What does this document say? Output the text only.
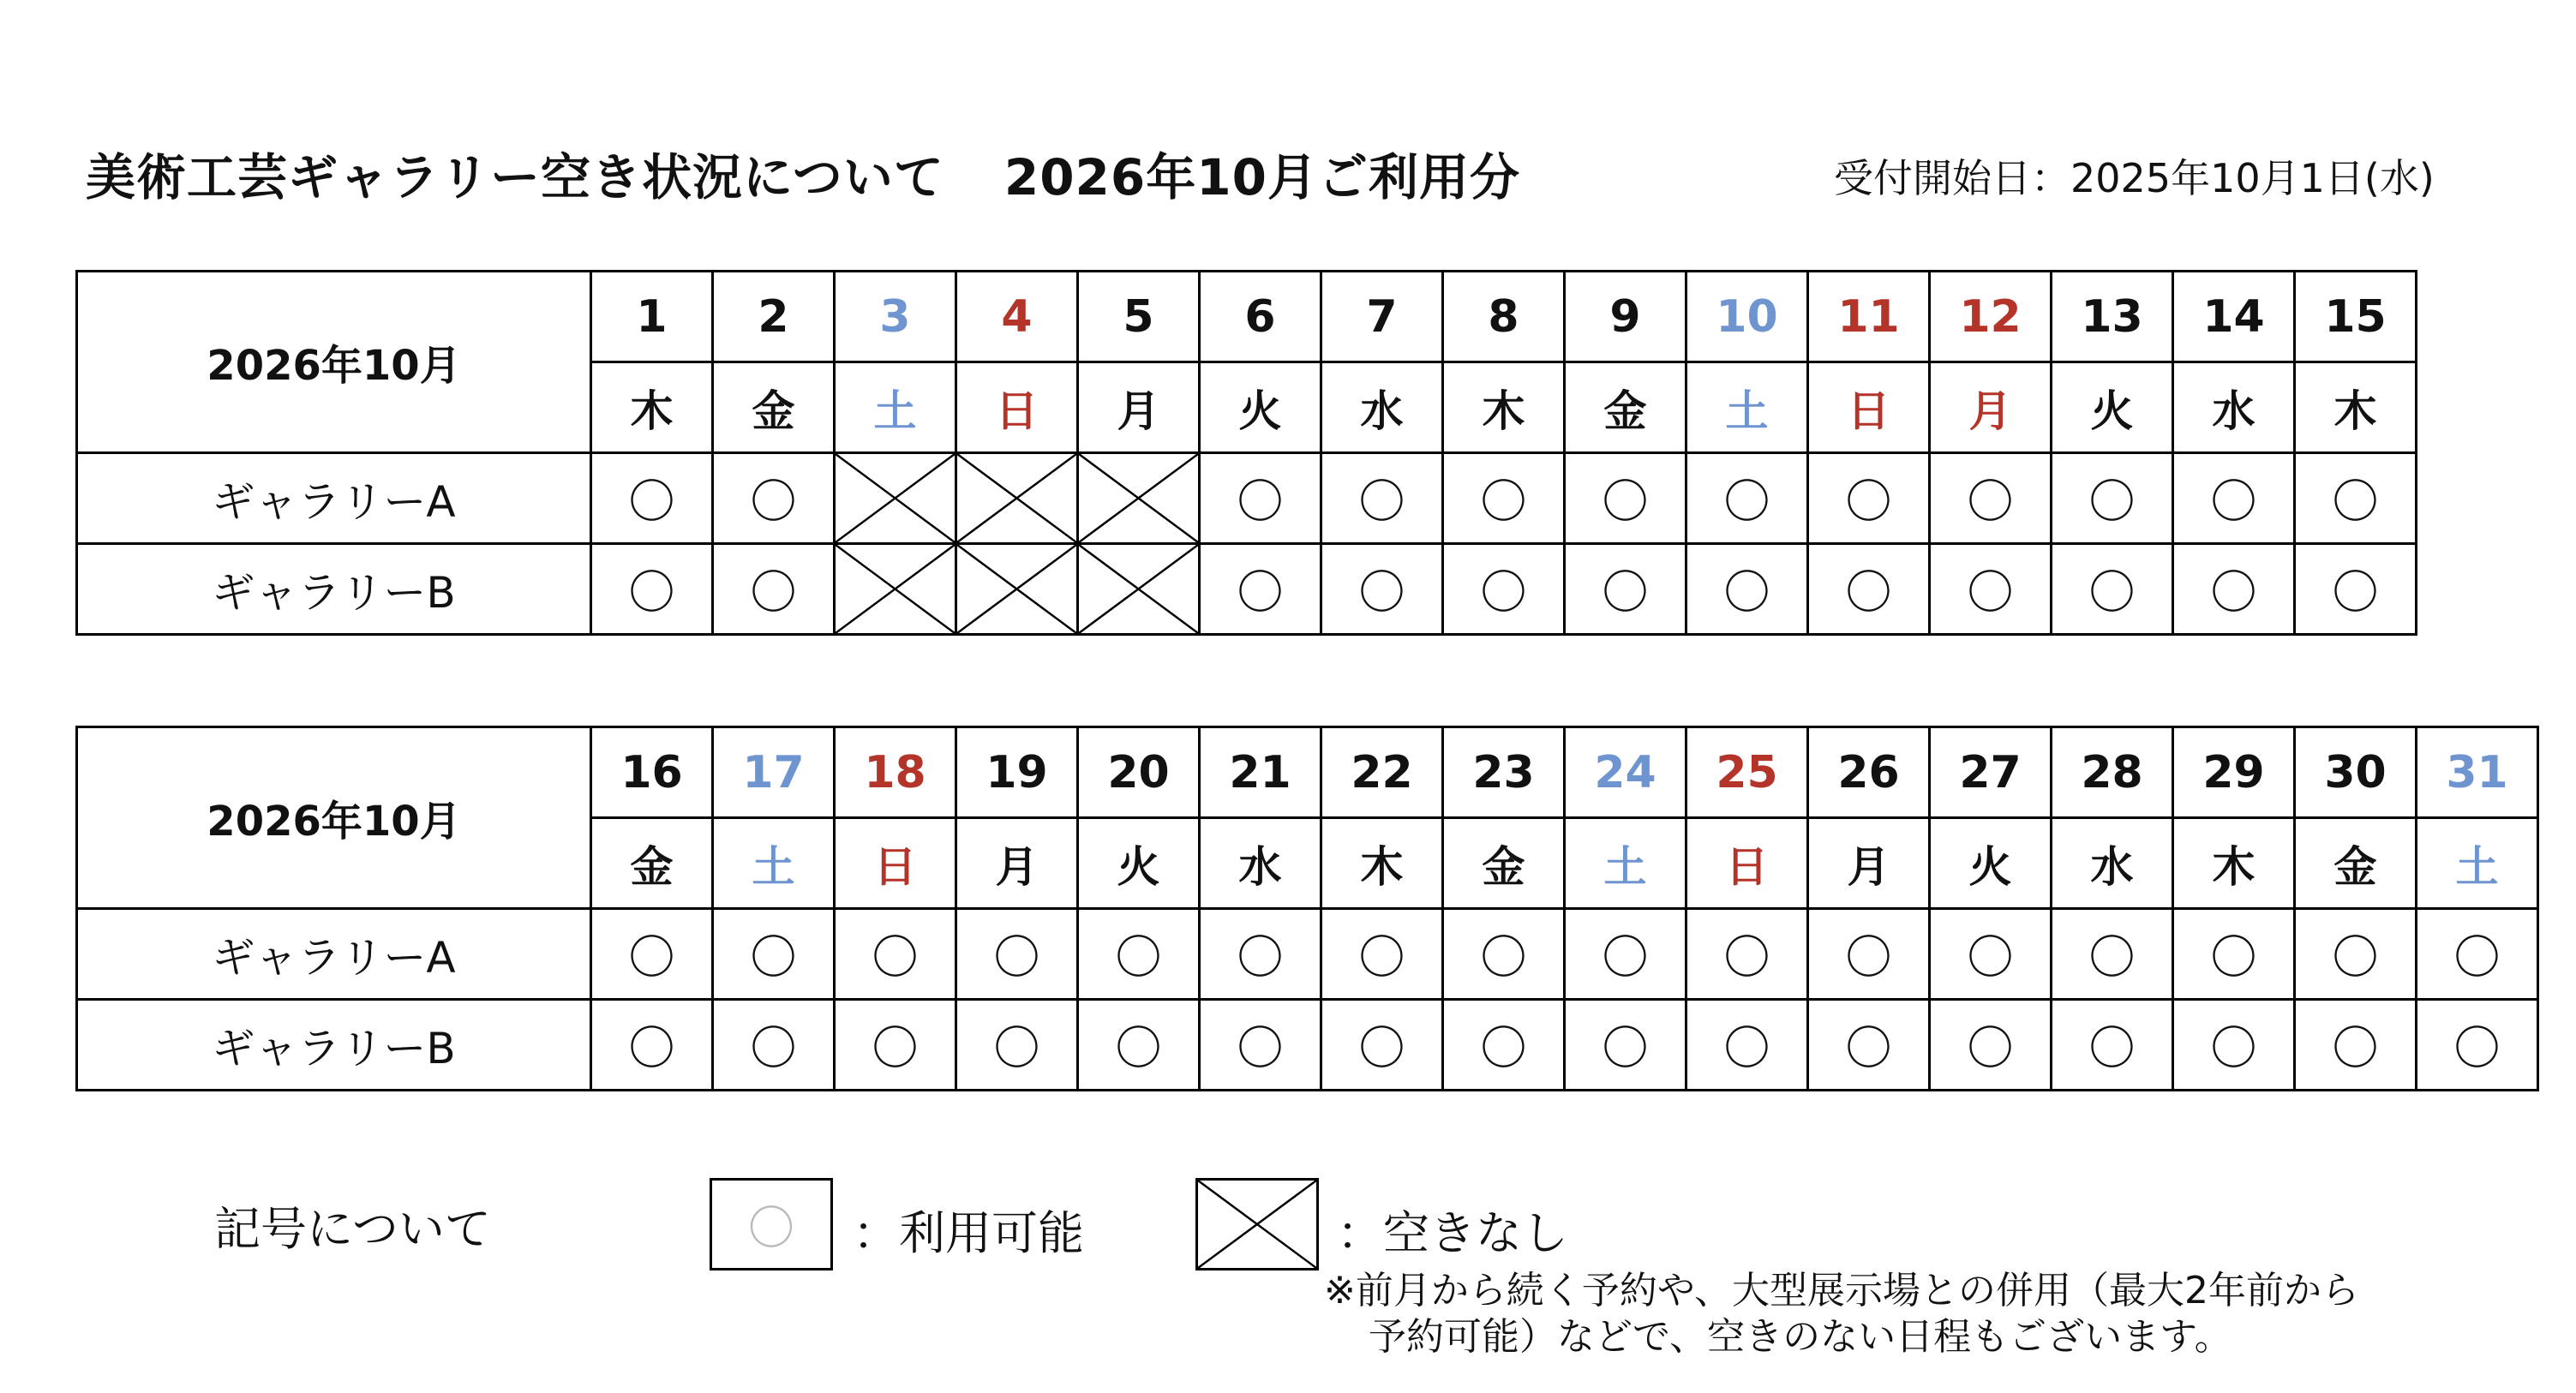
美術工芸ギャラリー空き状況について 2026年10月ご利用分	受付開始日：2025年10月1日(水)
2026年10月	1	2	3	4	5	6	7	8	9	10	11	12	13	14	15
	木	金	土	日	月	火	水	木	金	土	日	月	火	水	木
ギャラリーA	〇	〇				〇	〇	〇	〇	〇	〇	〇	〇	〇	〇
ギャラリーB	〇	〇				〇	〇	〇	〇	〇	〇	〇	〇	〇	〇
2026年10月	16	17	18	19	20	21	22	23	24	25	26	27	28	29	30	31
	金	土	日	月	火	水	木	金	土	日	月	火	水	木	金	土
ギャラリーA	〇	〇	〇	〇	〇	〇	〇	〇	〇	〇	〇	〇	〇	〇	〇	〇
ギャラリーB	〇	〇	〇	〇	〇	〇	〇	〇	〇	〇	〇	〇	〇	〇	〇	〇
記号について	〇	：利用可能	：空きなし
※前月から続く予約や、大型展示場との併用（最大2年前から
予約可能）などで、空きのない日程もございます。
